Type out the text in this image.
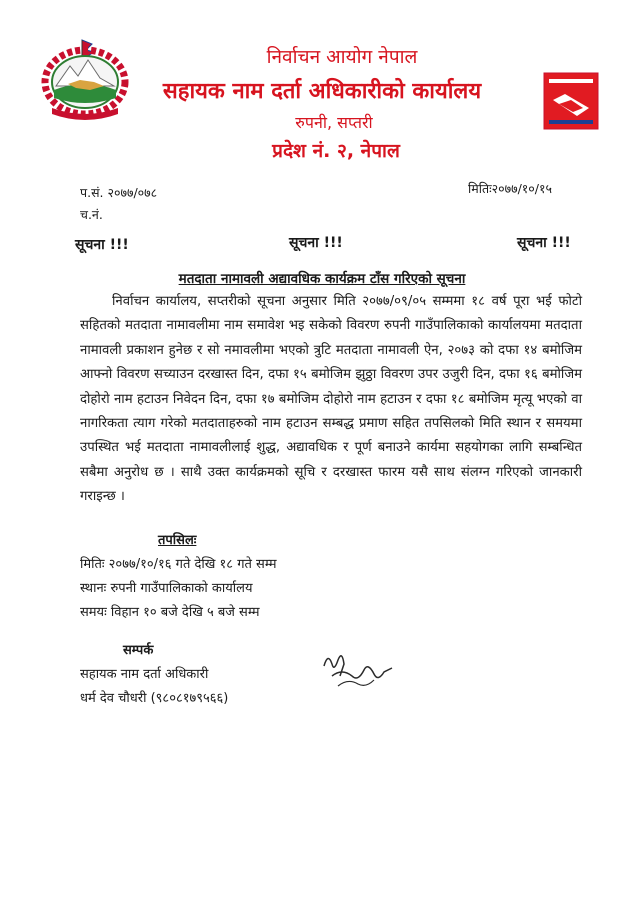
निर्वाचन आयोग नेपाल
सहायक नाम दर्ता अधिकारीको कार्यालय
रुपनी, सप्तरी
प्रदेश नं. २, नेपाल
प.सं. २०७७/०७८
च.नं.
मितिः२०७७/१०/१५
सूचना !!!	सूचना !!!	सूचना !!!
मतदाता नामावली अद्यावधिक कार्यक्रम टाँस गरिएको सूचना
निर्वाचन कार्यालय, सप्तरीको सूचना अनुसार मिति २०७७/०९/०५ सम्ममा १८ वर्ष पूरा भई फोटो सहितको मतदाता नामावलीमा नाम समावेश भइ सकेको विवरण रुपनी गाउँपालिकाको कार्यालयमा मतदाता नामावली प्रकाशन हुनेछ र सो नमावलीमा भएको त्रुटि मतदाता नामावली ऐन, २०७३ को दफा १४ बमोजिम आफ्नो विवरण सच्याउन दरखास्त दिन, दफा १५ बमोजिम झुठ्ठा विवरण उपर उजुरी दिन, दफा १६ बमोजिम दोहोरो नाम हटाउन निवेदन दिन, दफा १७ बमोजिम दोहोरो नाम हटाउन र दफा १८ बमोजिम मृत्यू भएको वा नागरिकता त्याग गरेको मतदाताहरुको नाम हटाउन सम्बद्ध प्रमाण सहित तपसिलको मिति स्थान र समयमा उपस्थित भई मतदाता नामावलीलाई शुद्ध, अद्यावधिक र पूर्ण बनाउने कार्यमा सहयोगका लागि सम्बन्धित सबैमा अनुरोध छ । साथै उक्त कार्यक्रमको सूचि र दरखास्त फारम यसै साथ संलग्न गरिएको जानकारी गराइन्छ ।
तपसिलः
मितिः २०७७/१०/१६ गते देखि १८ गते सम्म
स्थानः रुपनी गाउँपालिकाको कार्यालय
समयः विहान १० बजे देखि ५ बजे सम्म
सम्पर्क
सहायक नाम दर्ता अधिकारी
धर्म देव चौधरी (९८०८१७९५६६)
